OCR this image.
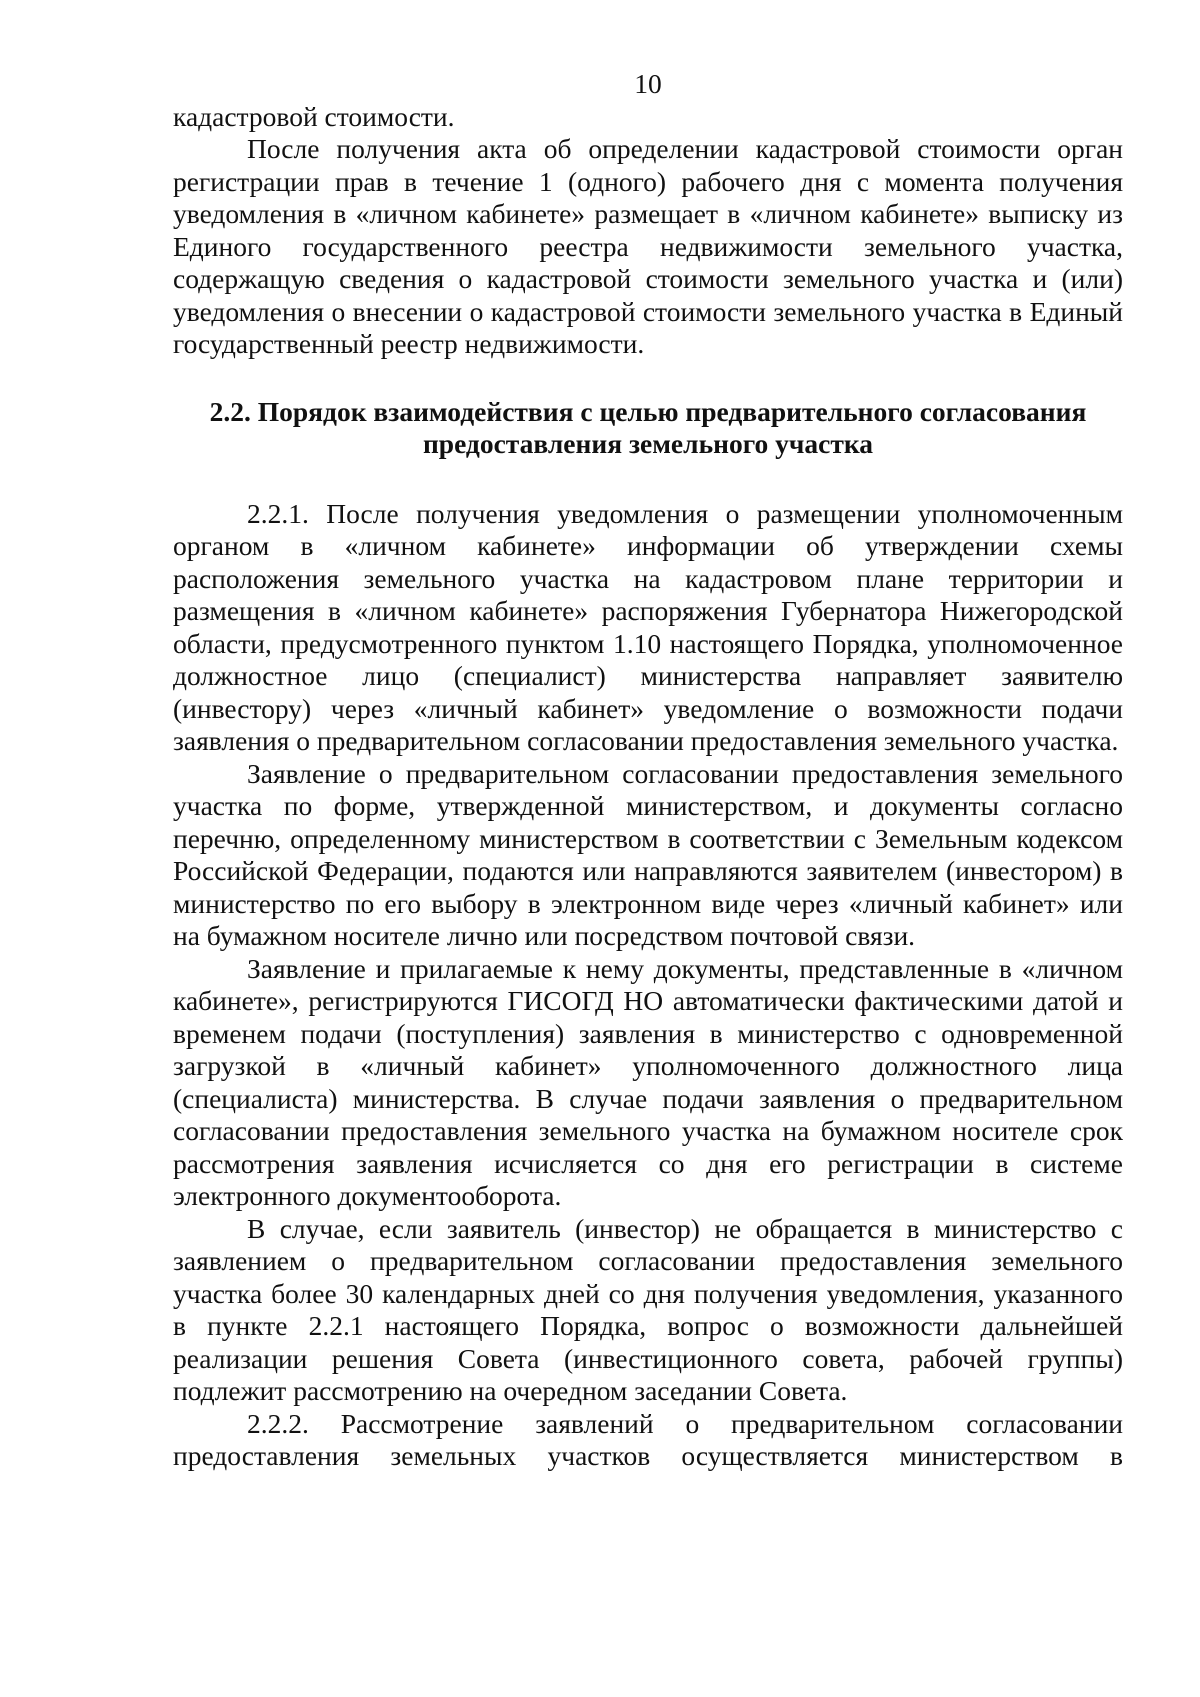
10

кадастровой стоимости.

После получения акта об определении кадастровой стоимости орган регистрации прав в течение 1 (одного) рабочего дня с момента получения уведомления в «личном кабинете» размещает в «личном кабинете» выписку из Единого государственного реестра недвижимости земельного участка, содержащую сведения о кадастровой стоимости земельного участка и (или) уведомления о внесении о кадастровой стоимости земельного участка в Единый государственный реестр недвижимости.

2.2. Порядок взаимодействия с целью предварительного согласования
предоставления земельного участка

2.2.1. После получения уведомления о размещении уполномоченным органом в «личном кабинете» информации об утверждении схемы расположения земельного участка на кадастровом плане территории и размещения в «личном кабинете» распоряжения Губернатора Нижегородской области, предусмотренного пунктом 1.10 настоящего Порядка, уполномоченное должностное лицо (специалист) министерства направляет заявителю (инвестору) через «личный кабинет» уведомление о возможности подачи заявления о предварительном согласовании предоставления земельного участка.

Заявление о предварительном согласовании предоставления земельного участка по форме, утвержденной министерством, и документы согласно перечню, определенному министерством в соответствии с Земельным кодексом Российской Федерации, подаются или направляются заявителем (инвестором) в министерство по его выбору в электронном виде через «личный кабинет» или на бумажном носителе лично или посредством почтовой связи.

Заявление и прилагаемые к нему документы, представленные в «личном кабинете», регистрируются ГИСОГД НО автоматически фактическими датой и временем подачи (поступления) заявления в министерство с одновременной загрузкой в «личный кабинет» уполномоченного должностного лица (специалиста) министерства. В случае подачи заявления о предварительном согласовании предоставления земельного участка на бумажном носителе срок рассмотрения заявления исчисляется со дня его регистрации в системе электронного документооборота.

В случае, если заявитель (инвестор) не обращается в министерство с заявлением о предварительном согласовании предоставления земельного участка более 30 календарных дней со дня получения уведомления, указанного в пункте 2.2.1 настоящего Порядка, вопрос о возможности дальнейшей реализации решения Совета (инвестиционного совета, рабочей группы) подлежит рассмотрению на очередном заседании Совета.

2.2.2. Рассмотрение заявлений о предварительном согласовании предоставления земельных участков осуществляется министерством в
